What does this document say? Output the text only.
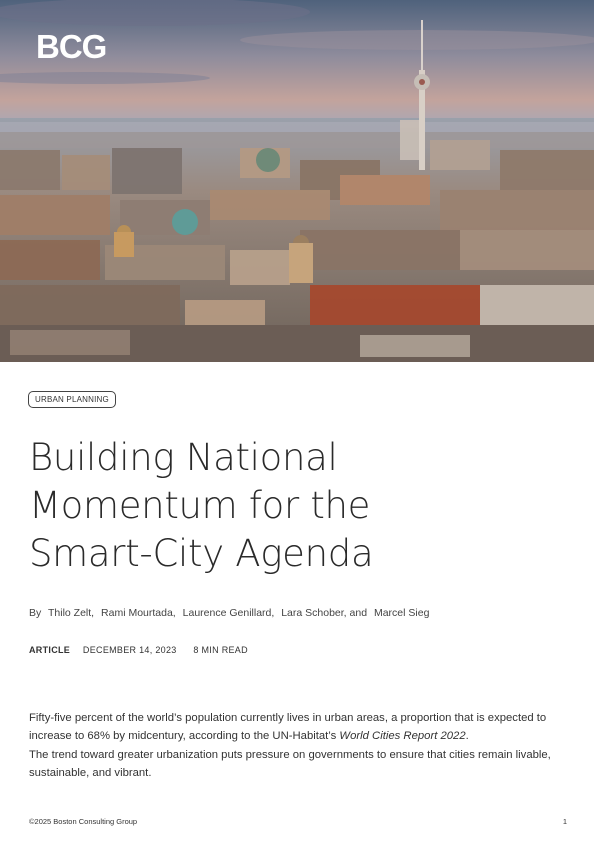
BCG
URBAN PLANNING
Building National
Momentum for the
Smart-City Agenda
By Thilo Zelt, Rami Mourtada, Laurence Genillard, Lara Schober, and Marcel Sieg
ARTICLE DECEMBER 14, 2023 8 MIN READ

Fifty-five percent of the world’s population currently lives in urban areas, a proportion that is expected to increase to 68% by midcentury, according to the UN-Habitat’s World Cities Report 2022.

The trend toward greater urbanization puts pressure on governments to ensure that cities remain livable, sustainable, and vibrant.

©2025 Boston Consulting Group	1
